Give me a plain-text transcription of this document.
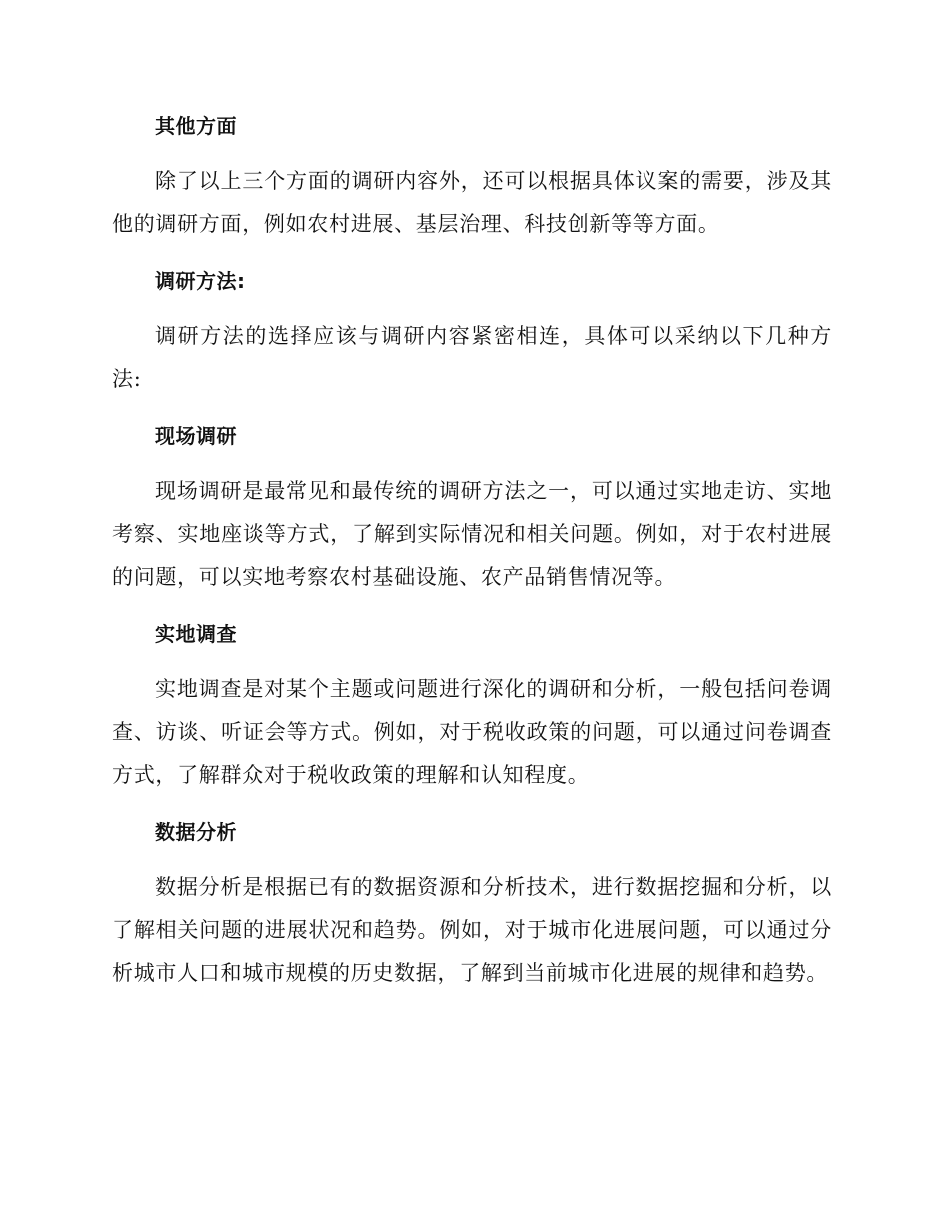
其他方面

除了以上三个方面的调研内容外，还可以根据具体议案的需要，涉及其他的调研方面，例如农村进展、基层治理、科技创新等等方面。

调研方法:

调研方法的选择应该与调研内容紧密相连，具体可以采纳以下几种方法:

现场调研

现场调研是最常见和最传统的调研方法之一，可以通过实地走访、实地考察、实地座谈等方式，了解到实际情况和相关问题。例如，对于农村进展的问题，可以实地考察农村基础设施、农产品销售情况等。

实地调查

实地调查是对某个主题或问题进行深化的调研和分析，一般包括问卷调查、访谈、听证会等方式。例如，对于税收政策的问题，可以通过问卷调查方式，了解群众对于税收政策的理解和认知程度。

数据分析

数据分析是根据已有的数据资源和分析技术，进行数据挖掘和分析，以了解相关问题的进展状况和趋势。例如，对于城市化进展问题，可以通过分析城市人口和城市规模的历史数据，了解到当前城市化进展的规律和趋势。
